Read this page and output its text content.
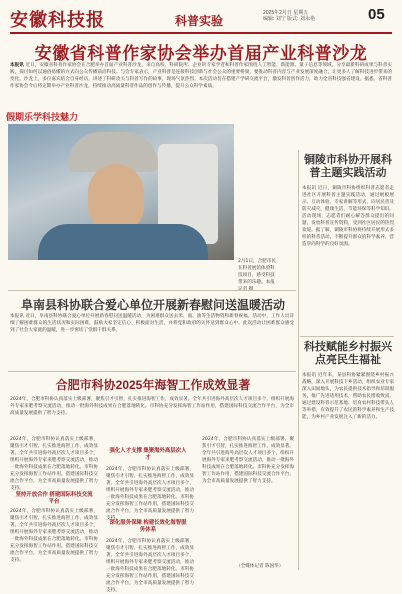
安徽科技报	科普实验
2025年2月日 星期五
编辑: 刘宁 版式: 刘永艳	05
安徽省科普作家协会举办首届产业科普沙龙
本报讯 近日，安徽省科普作家协会在合肥举办首届产业科普沙龙，来自高校、科研院所、企业的专家学者和科普作家围绕人工智能、新能源、量子信息等领域，分享最新科研成果与科普实践，探讨如何以通俗易懂的方式向公众传播前沿科技。与会专家表示，产业科普是连接科技创新与社会公众的重要桥梁，要推动科普内容与产业发展深度融合，让更多人了解科技进步带来的变化。沙龙上，多位嘉宾结合自身经历，讲述了科研攻关与科普写作的故事，现场气氛热烈。本次活动旨在搭建产学研交流平台，激发科普创作活力，助力全省科技强省建设。据悉，省科普作家协会今后将定期举办产业科普沙龙，持续推动高质量科普作品的创作与传播，提升公众科学素质。
假期乐学科技魅力
2月1日，合肥市民在科普展馆体验科技项目，感受科技带来的乐趣。本报
铜陵市科协开展科普主题实践活动
本报讯 近日，铜陵市科协组织科普志愿者走进社区开展科普主题实践活动，通过展板展示、互动体验、专家讲解等形式，向居民普及防灾减灾、健康生活、节能环保等科学知识。活动现场，志愿者们耐心解答群众提出的问题，发放科普宣传资料，受到社区居民的热烈欢迎。据了解，铜陵市科协将持续开展形式多样的科普活动，不断提升群众的科学素养，营造崇尚科学的良好氛围。
阜南县科协联合爱心单位开展新春慰问送温暖活动
本报讯 近日，阜南县科协联合爱心单位开展新春慰问送温暖活动，为困难群众送去米、面、油等生活物资和新春祝福。活动中，工作人员详细了解困难群众的生活状况和实际困难，鼓励大家坚定信心、积极面对生活，并将党和政府的关怀送到群众心中。此次活动让困难群众感受到了社会大家庭的温暖，进一步密切了党群干群关系。
合肥市科协2025年海智工作成效显著
2024年，合肥市科协认真落实上级部署，聚焦引才引智，扎实推进海智工作，成效显著。全年共引进海外高层次人才项目多个，组织开展海外专家来肥考察交流活动，推动一批海外科技成果在合肥落地转化。市科协充分发挥海智工作站作用，搭建国际科技交流合作平台，为全市高质量发展提供了智力支持。
坚持开放合作 搭建国际科技交流平台
强化人才支撑 集聚海外高层次人才
深化服务保障 构建长效化海智服务体系
2024年，合肥市科协认真落实上级部署，聚焦引才引智，扎实推进海智工作，成效显著。全年共引进海外高层次人才项目多个，组织开展海外专家来肥考察交流活动，推动一批海外科技成果在合肥落地转化。市科协充分发挥海智工作站作用，搭建国际科技交流合作平台，为全市高质量发展提供了智力支持。
2024年，合肥市科协认真落实上级部署，聚焦引才引智，扎实推进海智工作，成效显著。全年共引进海外高层次人才项目多个，组织开展海外专家来肥考察交流活动，推动一批海外科技成果在合肥落地转化。市科协充分发挥海智工作站作用，搭建国际科技交流合作平台，为全市高质量发展提供了智力支持。
2024年，合肥市科协认真落实上级部署，聚焦引才引智，扎实推进海智工作，成效显著。全年共引进海外高层次人才项目多个，组织开展海外专家来肥考察交流活动，推动一批海外科技成果在合肥落地转化。市科协充分发挥海智工作站作用，搭建国际科技交流合作平台，为全市高质量发展提供了智力支持。
2024年，合肥市科协认真落实上级部署，聚焦引才引智，扎实推进海智工作，成效显著。全年共引进海外高层次人才项目多个，组织开展海外专家来肥考察交流活动，推动一批海外科技成果在合肥落地转化。市科协充分发挥海智工作站作用，搭建国际科技交流合作平台，为全市高质量发展提供了智力支持。
2024年，合肥市科协认真落实上级部署，聚焦引才引智，扎实推进海智工作，成效显著。全年共引进海外高层次人才项目多个，组织开展海外专家来肥考察交流活动，推动一批海外科技成果在合肥落地转化。市科协充分发挥海智工作站作用，搭建国际科技交流合作平台，为全市高质量发展提供了智力支持。
（全媒体记者 陈国华）
科技赋能乡村振兴点亮民生福祉
本报讯 近年来，某县科协紧紧围绕乡村振兴战略，深入开展科技下乡活动，组织农业专家深入田间地头，为农民提供技术指导和培训服务，推广先进适用技术，帮助农民增收致富。通过建设科普示范基地、培育农村科技带头人等举措，有效提升了农民的科学素养和生产技能，为乡村产业发展注入了新的活力。
